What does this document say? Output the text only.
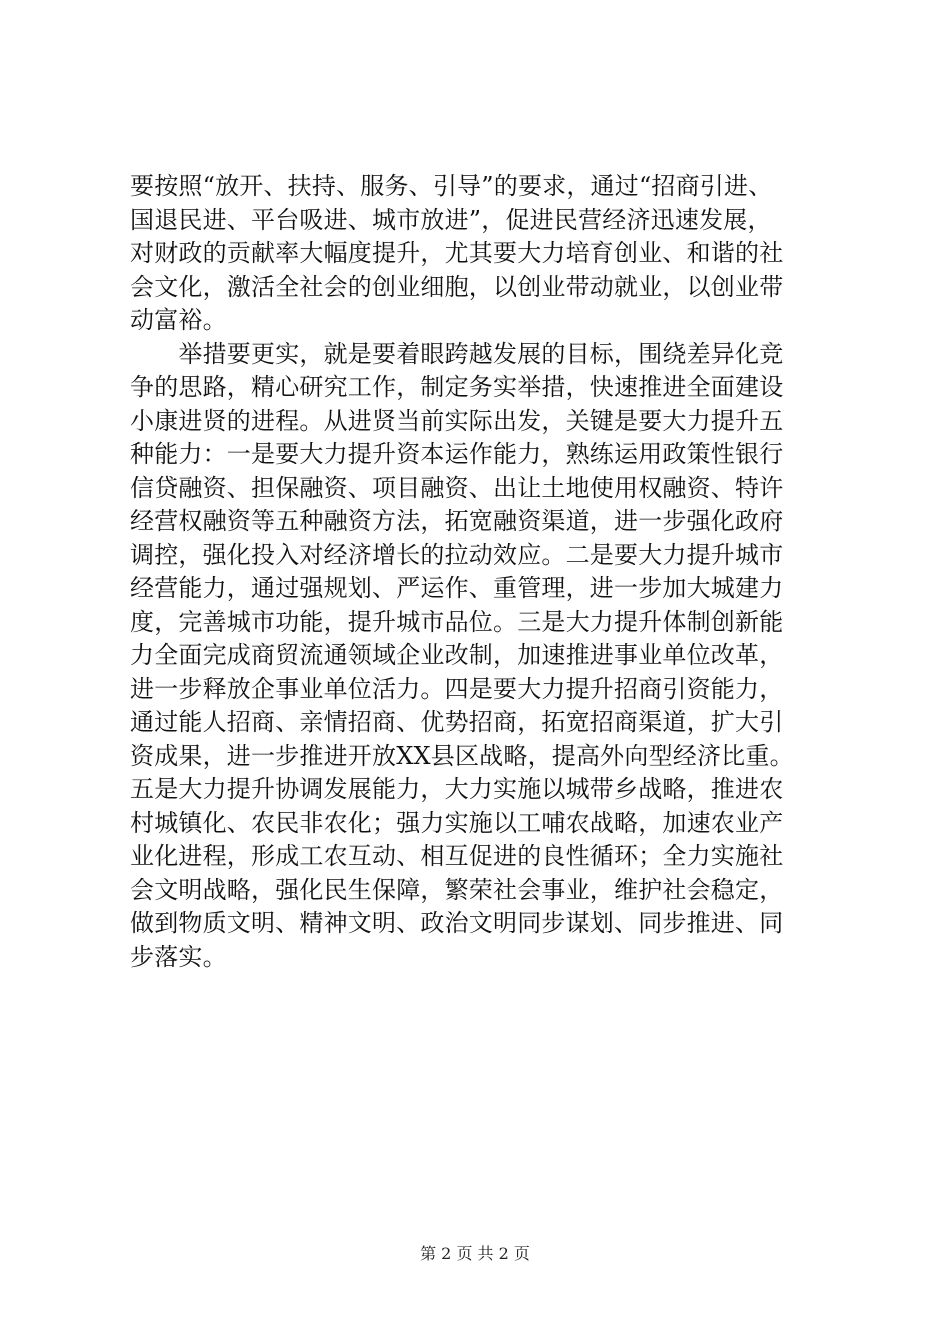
要按照“放开、扶持、服务、引导”的要求，通过“招商引进、
国退民进、平台吸进、城市放进”，促进民营经济迅速发展，
对财政的贡献率大幅度提升，尤其要大力培育创业、和谐的社
会文化，激活全社会的创业细胞，以创业带动就业，以创业带
动富裕。
　　举措要更实，就是要着眼跨越发展的目标，围绕差异化竞
争的思路，精心研究工作，制定务实举措，快速推进全面建设
小康进贤的进程。从进贤当前实际出发，关键是要大力提升五
种能力：一是要大力提升资本运作能力，熟练运用政策性银行
信贷融资、担保融资、项目融资、出让土地使用权融资、特许
经营权融资等五种融资方法，拓宽融资渠道，进一步强化政府
调控，强化投入对经济增长的拉动效应。二是要大力提升城市
经营能力，通过强规划、严运作、重管理，进一步加大城建力
度，完善城市功能，提升城市品位。三是大力提升体制创新能
力全面完成商贸流通领域企业改制，加速推进事业单位改革，
进一步释放企事业单位活力。四是要大力提升招商引资能力，
通过能人招商、亲情招商、优势招商，拓宽招商渠道，扩大引
资成果，进一步推进开放XX县区战略，提高外向型经济比重。
五是大力提升协调发展能力，大力实施以城带乡战略，推进农
村城镇化、农民非农化；强力实施以工哺农战略，加速农业产
业化进程，形成工农互动、相互促进的良性循环；全力实施社
会文明战略，强化民生保障，繁荣社会事业，维护社会稳定，
做到物质文明、精神文明、政治文明同步谋划、同步推进、同
步落实。
第 2 页 共 2 页
